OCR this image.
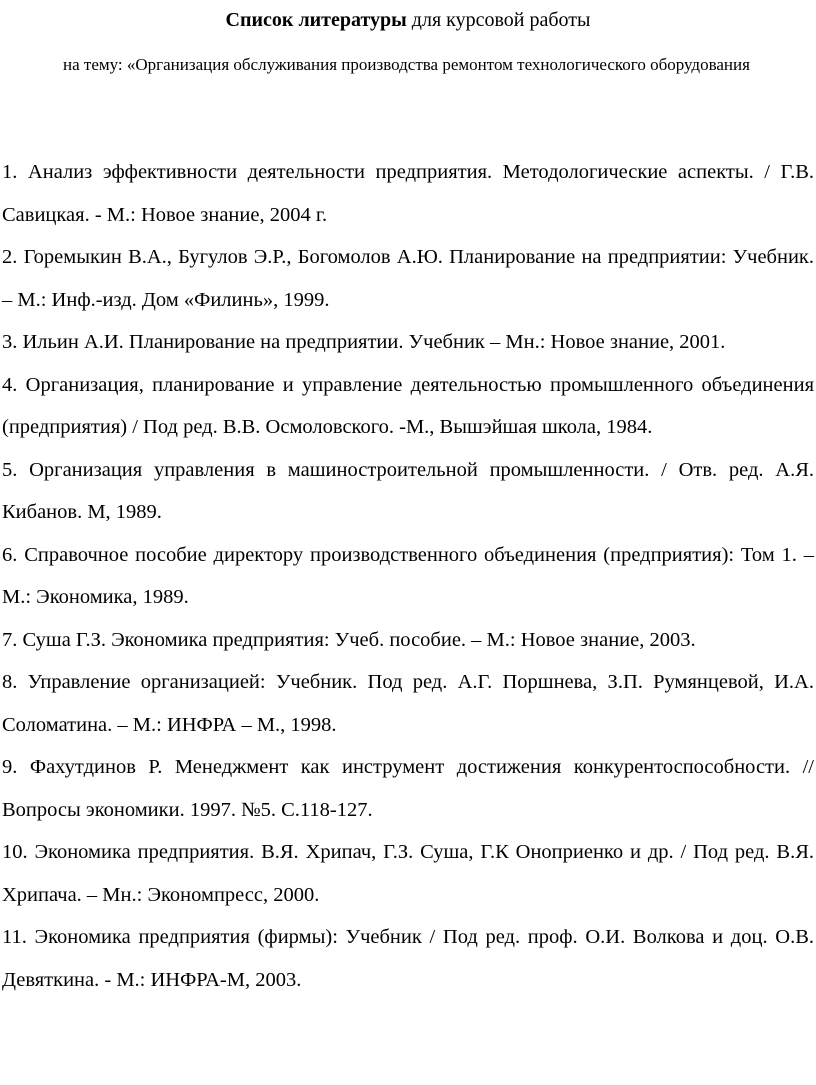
Список литературы для курсовой работы

на тему: «Организация обслуживания производства ремонтом технологического оборудования

1. Анализ эффективности деятельности предприятия. Методологические аспекты. / Г.В. Савицкая. - М.: Новое знание, 2004 г.
2. Горемыкин В.А., Бугулов Э.Р., Богомолов А.Ю. Планирование на предприятии: Учебник. – М.: Инф.-изд. Дом «Филинь», 1999.
3. Ильин А.И. Планирование на предприятии. Учебник – Мн.: Новое знание, 2001.
4. Организация, планирование и управление деятельностью промышленного объединения (предприятия) / Под ред. В.В. Осмоловского. -М., Вышэйшая школа, 1984.
5. Организация управления в машиностроительной промышленности. / Отв. ред. А.Я. Кибанов. М, 1989.
6. Справочное пособие директору производственного объединения (предприятия): Том 1. – М.: Экономика, 1989.
7. Суша Г.З. Экономика предприятия: Учеб. пособие. – М.: Новое знание, 2003.
8. Управление организацией: Учебник. Под ред. А.Г. Поршнева, З.П. Румянцевой, И.А. Соломатина. – М.: ИНФРА – М., 1998.
9. Фахутдинов Р. Менеджмент как инструмент достижения конкурентоспособности. // Вопросы экономики. 1997. №5. С.118-127.
10. Экономика предприятия. В.Я. Хрипач, Г.З. Суша, Г.К Оноприенко и др. / Под ред. В.Я. Хрипача. – Мн.: Экономпресс, 2000.
11. Экономика предприятия (фирмы): Учебник / Под ред. проф. О.И. Волкова и доц. О.В. Девяткина. - М.: ИНФРА-М, 2003.
